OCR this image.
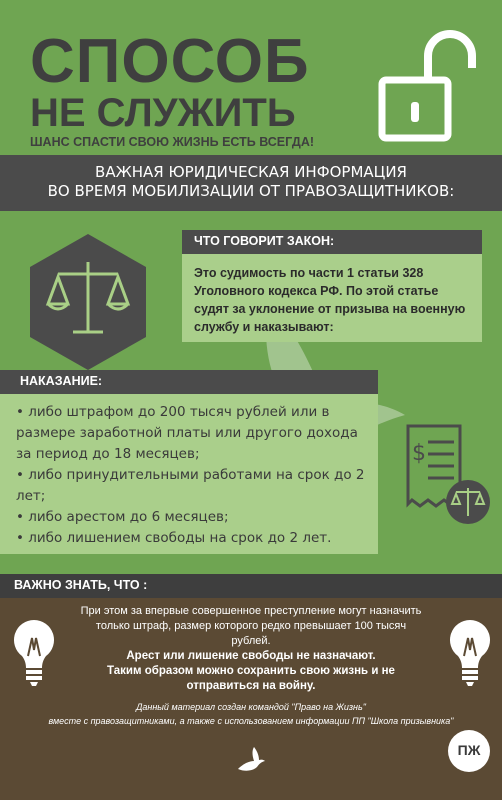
СПОСОБ
НЕ СЛУЖИТЬ
ШАНС СПАСТИ СВОЮ ЖИЗНЬ ЕСТЬ ВСЕГДА!
ВАЖНАЯ ЮРИДИЧЕСКАЯ ИНФОРМАЦИЯ
ВО ВРЕМЯ МОБИЛИЗАЦИИ ОТ ПРАВОЗАЩИТНИКОВ:
ЧТО ГОВОРИТ ЗАКОН:
Это судимость по части 1 статьи 328 Уголовного кодекса РФ. По этой статье судят за уклонение от призыва на военную службу и наказывают:
НАКАЗАНИЕ:
• либо штрафом до 200 тысяч рублей или в размере заработной платы или другого дохода за период до 18 месяцев;
• либо принудительными работами на срок до 2 лет;
• либо арестом до 6 месяцев;
• либо лишением свободы на срок до 2 лет.
$
ВАЖНО ЗНАТЬ, ЧТО :
При этом за впервые совершенное преступление могут назначить только штраф, размер которого редко превышает 100 тысяч рублей.
Арест или лишение свободы не назначают.
Таким образом можно сохранить свою жизнь и не отправиться на войну.
Данный материал создан командой "Право на Жизнь"
вместе с правозащитниками, а также с использованием информации ПП "Школа призывника"
ПЖ
